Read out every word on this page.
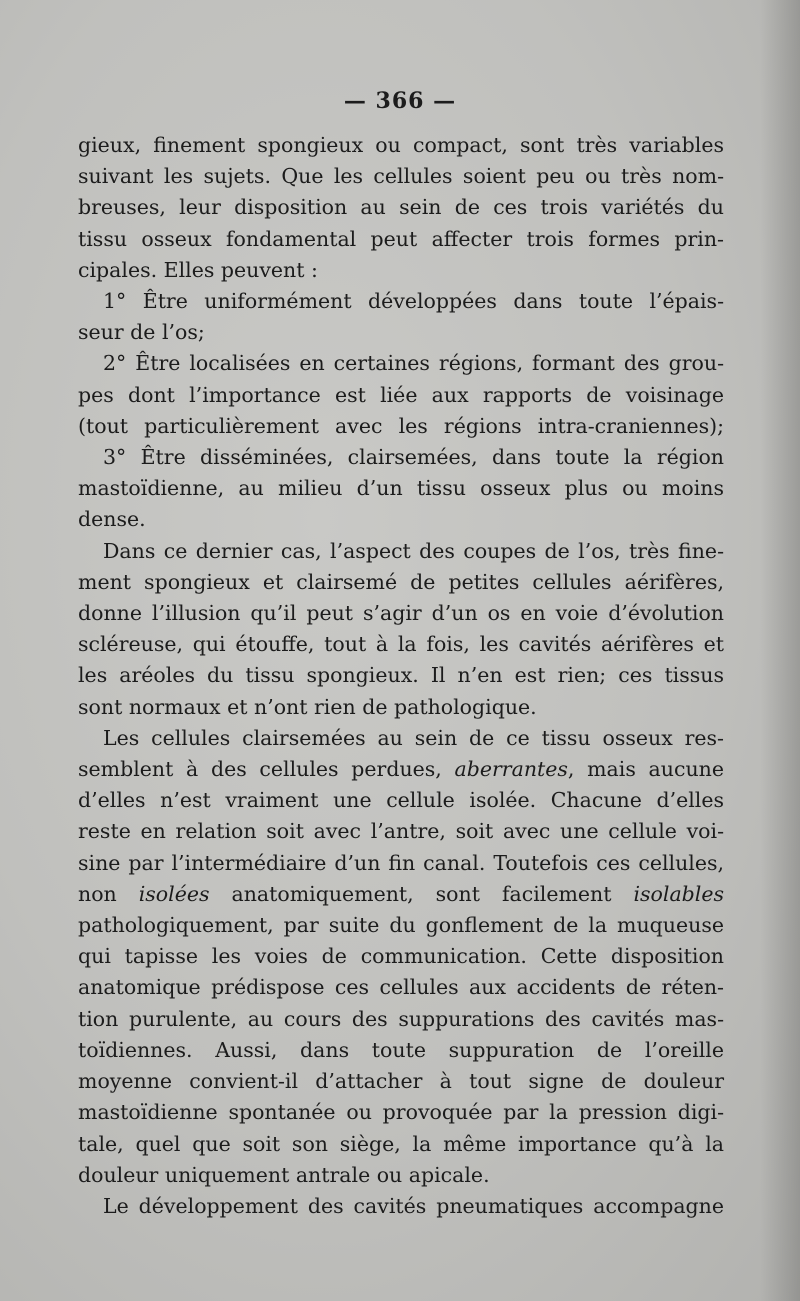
— 366 —
gieux, finement spongieux ou compact, sont très variables
suivant les sujets. Que les cellules soient peu ou très nom-
breuses, leur disposition au sein de ces trois variétés du
tissu osseux fondamental peut affecter trois formes prin-
cipales. Elles peuvent :
1° Être uniformément développées dans toute l’épais-
seur de l’os;
2° Être localisées en certaines régions, formant des grou-
pes dont l’importance est liée aux rapports de voisinage
(tout particulièrement avec les régions intra-craniennes);
3° Être disséminées, clairsemées, dans toute la région
mastoïdienne, au milieu d’un tissu osseux plus ou moins
dense.
Dans ce dernier cas, l’aspect des coupes de l’os, très fine-
ment spongieux et clairsemé de petites cellules aérifères,
donne l’illusion qu’il peut s’agir d’un os en voie d’évolution
scléreuse, qui étouffe, tout à la fois, les cavités aérifères et
les aréoles du tissu spongieux. Il n’en est rien; ces tissus
sont normaux et n’ont rien de pathologique.
Les cellules clairsemées au sein de ce tissu osseux res-
semblent à des cellules perdues, aberrantes, mais aucune
d’elles n’est vraiment une cellule isolée. Chacune d’elles
reste en relation soit avec l’antre, soit avec une cellule voi-
sine par l’intermédiaire d’un fin canal. Toutefois ces cellules,
non isolées anatomiquement, sont facilement isolables
pathologiquement, par suite du gonflement de la muqueuse
qui tapisse les voies de communication. Cette disposition
anatomique prédispose ces cellules aux accidents de réten-
tion purulente, au cours des suppurations des cavités mas-
toïdiennes. Aussi, dans toute suppuration de l’oreille
moyenne convient-il d’attacher à tout signe de douleur
mastoïdienne spontanée ou provoquée par la pression digi-
tale, quel que soit son siège, la même importance qu’à la
douleur uniquement antrale ou apicale.
Le développement des cavités pneumatiques accompagne
